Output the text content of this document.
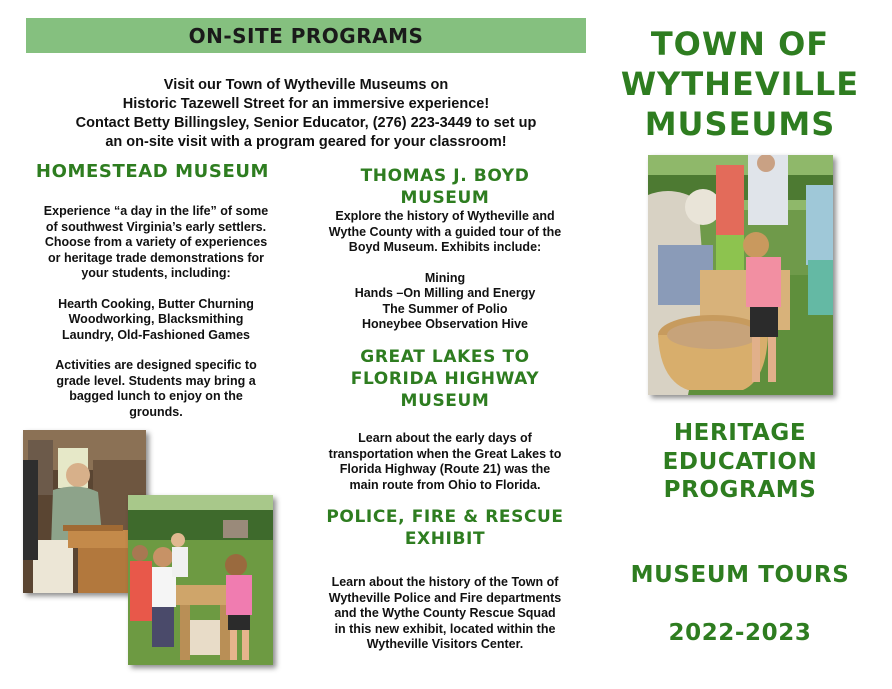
ON-SITE PROGRAMS
Visit our Town of Wytheville Museums on
Historic Tazewell Street for an immersive experience!
Contact Betty Billingsley, Senior Educator, (276) 223-3449 to set up
an on-site visit with a program geared for your classroom!
HOMESTEAD MUSEUM
Experience “a day in the life” of some
of southwest Virginia’s early settlers.
Choose from a variety of experiences
or heritage trade demonstrations for
your students, including:
Hearth Cooking, Butter Churning
Woodworking, Blacksmithing
Laundry, Old-Fashioned Games
Activities are designed specific to
grade level. Students may bring a
bagged lunch to enjoy on the
grounds.
THOMAS J. BOYD
MUSEUM
Explore the history of Wytheville and
Wythe County with a guided tour of the
Boyd Museum. Exhibits include:
Mining
Hands –On Milling and Energy
The Summer of Polio
Honeybee Observation Hive
GREAT LAKES TO
FLORIDA HIGHWAY
MUSEUM
Learn about the early days of
transportation when the Great Lakes to
Florida Highway (Route 21) was the
main route from Ohio to Florida.
POLICE, FIRE & RESCUE
EXHIBIT
Learn about the history of the Town of
Wytheville Police and Fire departments
and the Wythe County Rescue Squad
in this new exhibit, located within the
Wytheville Visitors Center.
TOWN OF
WYTHEVILLE
MUSEUMS
HERITAGE
EDUCATION
PROGRAMS
MUSEUM TOURS
2022-2023
